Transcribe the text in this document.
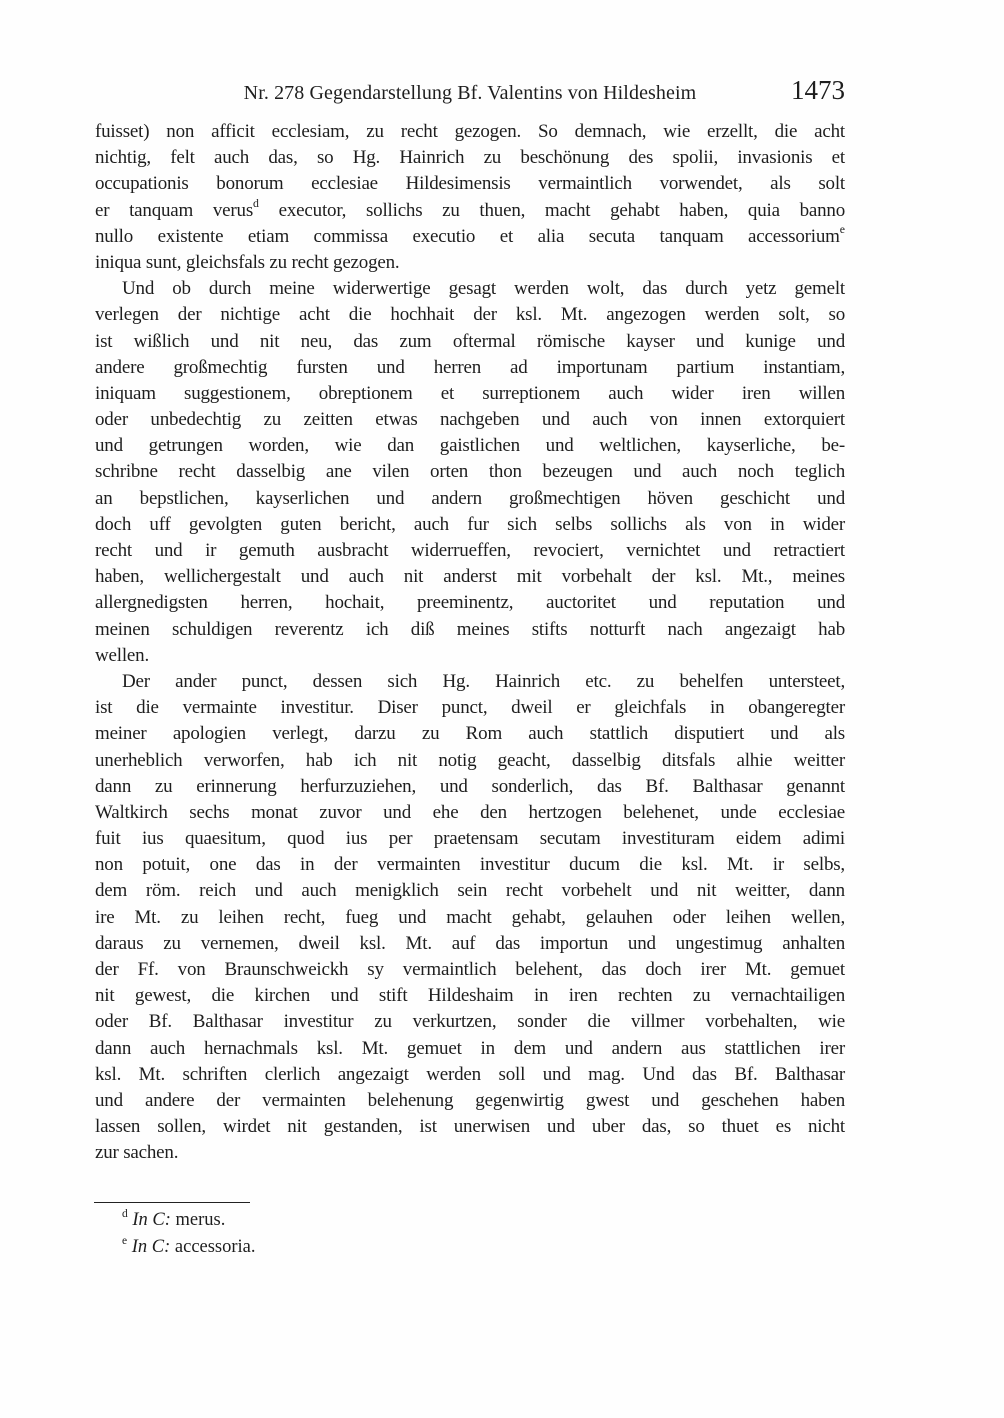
Nr. 278 Gegendarstellung Bf. Valentins von Hildesheim	1473
fuisset) non afficit ecclesiam, zu recht gezogen. So demnach, wie erzellt, die acht
nichtig, felt auch das, so Hg. Hainrich zu beschönung des spolii, invasionis et
occupationis bonorum ecclesiae Hildesimensis vermaintlich vorwendet, als solt
er tanquam verus$^d$ executor, sollichs zu thuen, macht gehabt haben, quia banno
nullo existente etiam commissa executio et alia secuta tanquam accessorium$^e$
iniqua sunt, gleichsfals zu recht gezogen.
Und ob durch meine widerwertige gesagt werden wolt, das durch yetz gemelt
verlegen der nichtige acht die hochhait der ksl. Mt. angezogen werden solt, so
ist wißlich und nit neu, das zum oftermal römische kayser und kunige und
andere großmechtig fursten und herren ad importunam partium instantiam,
iniquam suggestionem, obreptionem et surreptionem auch wider iren willen
oder unbedechtig zu zeitten etwas nachgeben und auch von innen extorquiert
und getrungen worden, wie dan gaistlichen und weltlichen, kayserliche, be-
schribne recht dasselbig ane vilen orten thon bezeugen und auch noch teglich
an bepstlichen, kayserlichen und andern großmechtigen höven geschicht und
doch uff gevolgten guten bericht, auch fur sich selbs sollichs als von in wider
recht und ir gemuth ausbracht widerrueffen, revociert, vernichtet und retractiert
haben, wellichergestalt und auch nit anderst mit vorbehalt der ksl. Mt., meines
allergnedigsten herren, hochait, preeminentz, auctoritet und reputation und
meinen schuldigen reverentz ich diß meines stifts notturft nach angezaigt hab
wellen.
Der ander punct, dessen sich Hg. Hainrich etc. zu behelfen untersteet,
ist die vermainte investitur. Diser punct, dweil er gleichfals in obangeregter
meiner apologien verlegt, darzu zu Rom auch stattlich disputiert und als
unerheblich verworfen, hab ich nit notig geacht, dasselbig ditsfals alhie weitter
dann zu erinnerung herfurzuziehen, und sonderlich, das Bf. Balthasar genannt
Waltkirch sechs monat zuvor und ehe den hertzogen belehenet, unde ecclesiae
fuit ius quaesitum, quod ius per praetensam secutam investituram eidem adimi
non potuit, one das in der vermainten investitur ducum die ksl. Mt. ir selbs,
dem röm. reich und auch menigklich sein recht vorbehelt und nit weitter, dann
ire Mt. zu leihen recht, fueg und macht gehabt, gelauhen oder leihen wellen,
daraus zu vernemen, dweil ksl. Mt. auf das importun und ungestimug anhalten
der Ff. von Braunschweickh sy vermaintlich belehent, das doch irer Mt. gemuet
nit gewest, die kirchen und stift Hildeshaim in iren rechten zu vernachtailigen
oder Bf. Balthasar investitur zu verkurtzen, sonder die villmer vorbehalten, wie
dann auch hernachmals ksl. Mt. gemuet in dem und andern aus stattlichen irer
ksl. Mt. schriften clerlich angezaigt werden soll und mag. Und das Bf. Balthasar
und andere der vermainten belehenung gegenwirtig gwest und geschehen haben
lassen sollen, wirdet nit gestanden, ist unerwisen und uber das, so thuet es nicht
zur sachen.
$^d$ In C: merus.
$^e$ In C: accessoria.
